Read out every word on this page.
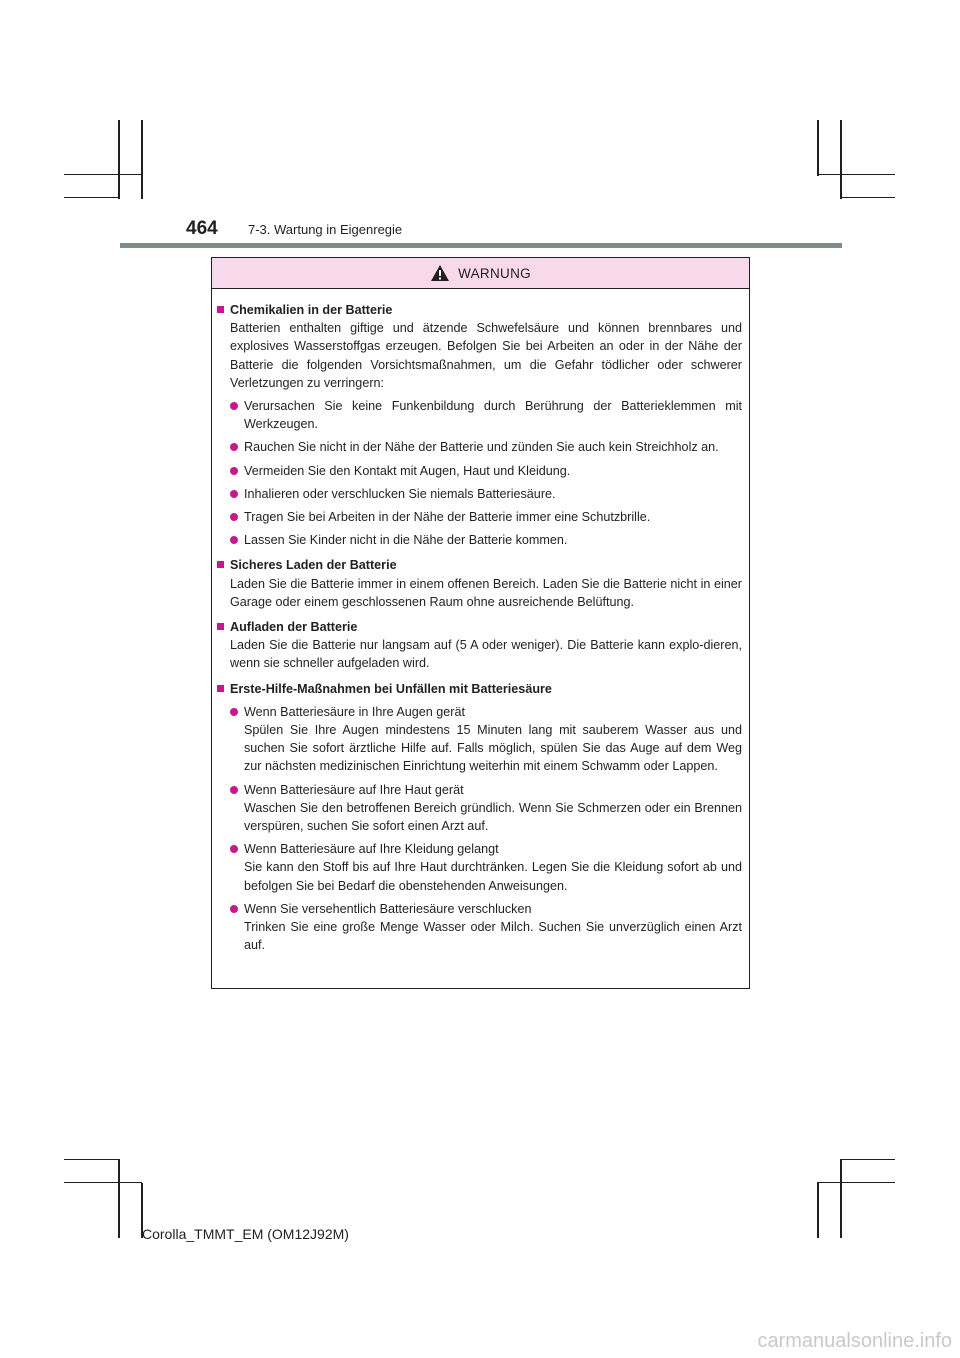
464	7-3. Wartung in Eigenregie
WARNUNG
Chemikalien in der Batterie
Batterien enthalten giftige und ätzende Schwefelsäure und können brennbares und explosives Wasserstoffgas erzeugen. Befolgen Sie bei Arbeiten an oder in der Nähe der Batterie die folgenden Vorsichtsmaßnahmen, um die Gefahr tödlicher oder schwerer Verletzungen zu verringern:
Verursachen Sie keine Funkenbildung durch Berührung der Batterieklemmen mit Werkzeugen.
Rauchen Sie nicht in der Nähe der Batterie und zünden Sie auch kein Streichholz an.
Vermeiden Sie den Kontakt mit Augen, Haut und Kleidung.
Inhalieren oder verschlucken Sie niemals Batteriesäure.
Tragen Sie bei Arbeiten in der Nähe der Batterie immer eine Schutzbrille.
Lassen Sie Kinder nicht in die Nähe der Batterie kommen.
Sicheres Laden der Batterie
Laden Sie die Batterie immer in einem offenen Bereich. Laden Sie die Batterie nicht in einer Garage oder einem geschlossenen Raum ohne ausreichende Belüftung.
Aufladen der Batterie
Laden Sie die Batterie nur langsam auf (5 A oder weniger). Die Batterie kann explo-dieren, wenn sie schneller aufgeladen wird.
Erste-Hilfe-Maßnahmen bei Unfällen mit Batteriesäure
Wenn Batteriesäure in Ihre Augen gerät
Spülen Sie Ihre Augen mindestens 15 Minuten lang mit sauberem Wasser aus und suchen Sie sofort ärztliche Hilfe auf. Falls möglich, spülen Sie das Auge auf dem Weg zur nächsten medizinischen Einrichtung weiterhin mit einem Schwamm oder Lappen.
Wenn Batteriesäure auf Ihre Haut gerät
Waschen Sie den betroffenen Bereich gründlich. Wenn Sie Schmerzen oder ein Brennen verspüren, suchen Sie sofort einen Arzt auf.
Wenn Batteriesäure auf Ihre Kleidung gelangt
Sie kann den Stoff bis auf Ihre Haut durchtränken. Legen Sie die Kleidung sofort ab und befolgen Sie bei Bedarf die obenstehenden Anweisungen.
Wenn Sie versehentlich Batteriesäure verschlucken
Trinken Sie eine große Menge Wasser oder Milch. Suchen Sie unverzüglich einen Arzt auf.
Corolla_TMMT_EM (OM12J92M)
carmanualsonline.info
